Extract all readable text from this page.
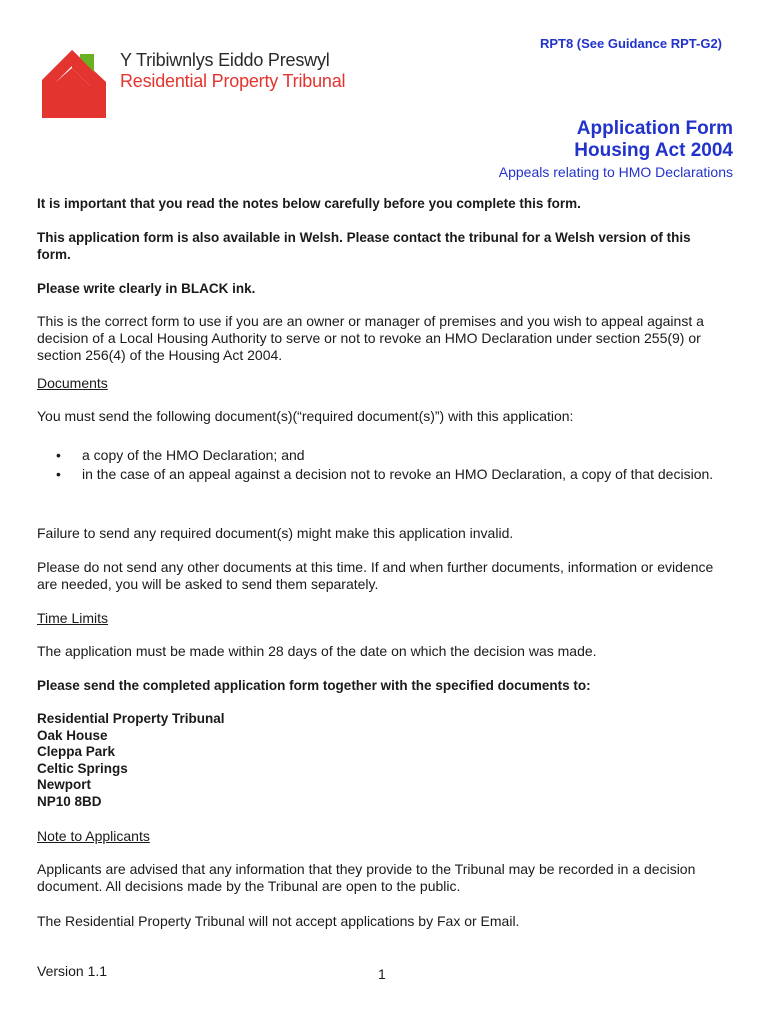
RPT8 (See Guidance RPT-G2)
Y Tribiwnlys Eiddo Preswyl
Residential Property Tribunal
Application Form
Housing Act 2004
Appeals relating to HMO Declarations
It is important that you read the notes below carefully before you complete this form.
This application form is also available in Welsh. Please contact the tribunal for a Welsh version of this form.
Please write clearly in BLACK ink.
This is the correct form to use if you are an owner or manager of premises and you wish to appeal against a decision of a Local Housing Authority to serve or not to revoke an HMO Declaration under section 255(9) or section 256(4) of the Housing Act 2004.
Documents
You must send the following document(s)(“required document(s)”) with this application:
• a copy of the HMO Declaration; and
• in the case of an appeal against a decision not to revoke an HMO Declaration, a copy of that decision.
Failure to send any required document(s) might make this application invalid.
Please do not send any other documents at this time. If and when further documents, information or evidence are needed, you will be asked to send them separately.
Time Limits
The application must be made within 28 days of the date on which the decision was made.
Please send the completed application form together with the specified documents to:
Residential Property Tribunal
Oak House
Cleppa Park
Celtic Springs
Newport
NP10 8BD
Note to Applicants
Applicants are advised that any information that they provide to the Tribunal may be recorded in a decision document. All decisions made by the Tribunal are open to the public.
The Residential Property Tribunal will not accept applications by Fax or Email.
Version 1.1	1
